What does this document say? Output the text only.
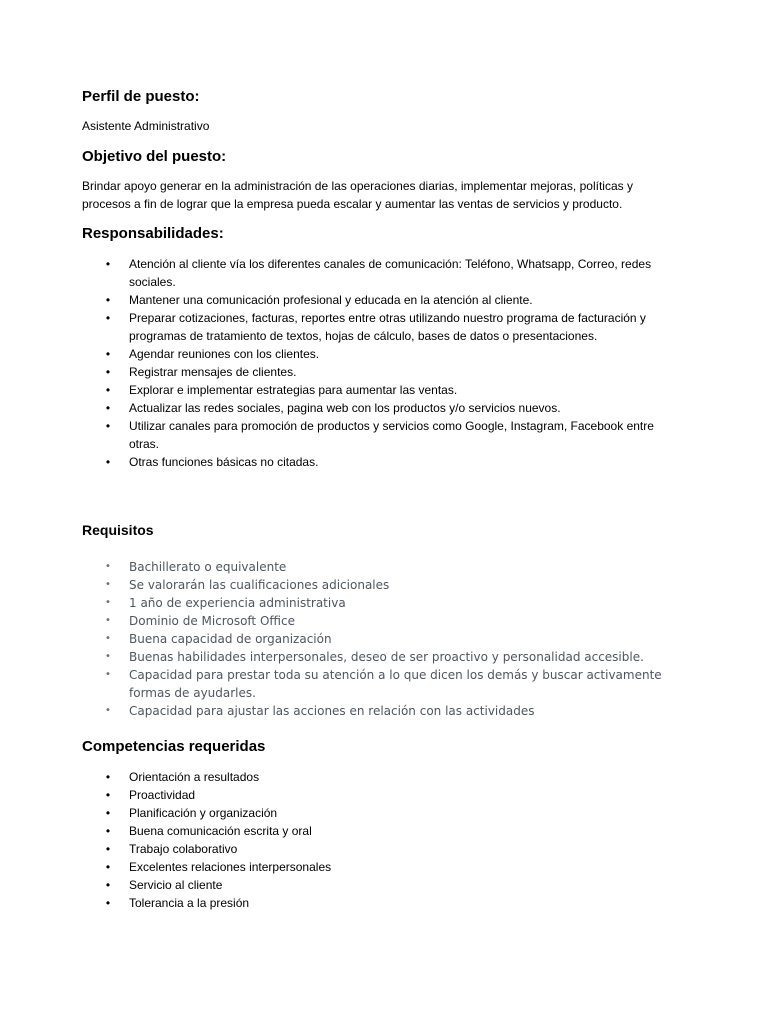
Perfil de puesto:

Asistente Administrativo

Objetivo del puesto:

Brindar apoyo generar en la administración de las operaciones diarias, implementar mejoras, políticas y procesos a fin de lograr que la empresa pueda escalar y aumentar las ventas de servicios y producto.

Responsabilidades:
•	Atención al cliente vía los diferentes canales de comunicación: Teléfono, Whatsapp, Correo, redes sociales.
•	Mantener una comunicación profesional y educada en la atención al cliente.
•	Preparar cotizaciones, facturas, reportes entre otras utilizando nuestro programa de facturación y programas de tratamiento de textos, hojas de cálculo, bases de datos o presentaciones.
•	Agendar reuniones con los clientes.
•	Registrar mensajes de clientes.
•	Explorar e implementar estrategias para aumentar las ventas.
•	Actualizar las redes sociales, pagina web con los productos y/o servicios nuevos.
•	Utilizar canales para promoción de productos y servicios como Google, Instagram, Facebook entre otras.
•	Otras funciones básicas no citadas.
Requisitos
• Bachillerato o equivalente
• Se valorarán las cualificaciones adicionales
• 1 año de experiencia administrativa
• Dominio de Microsoft Office
• Buena capacidad de organización
• Buenas habilidades interpersonales, deseo de ser proactivo y personalidad accesible.
• Capacidad para prestar toda su atención a lo que dicen los demás y buscar activamente formas de ayudarles.
• Capacidad para ajustar las acciones en relación con las actividades
Competencias requeridas
•	Orientación a resultados
•	Proactividad
•	Planificación y organización
•	Buena comunicación escrita y oral
•	Trabajo colaborativo
•	Excelentes relaciones interpersonales
•	Servicio al cliente
•	Tolerancia a la presión
